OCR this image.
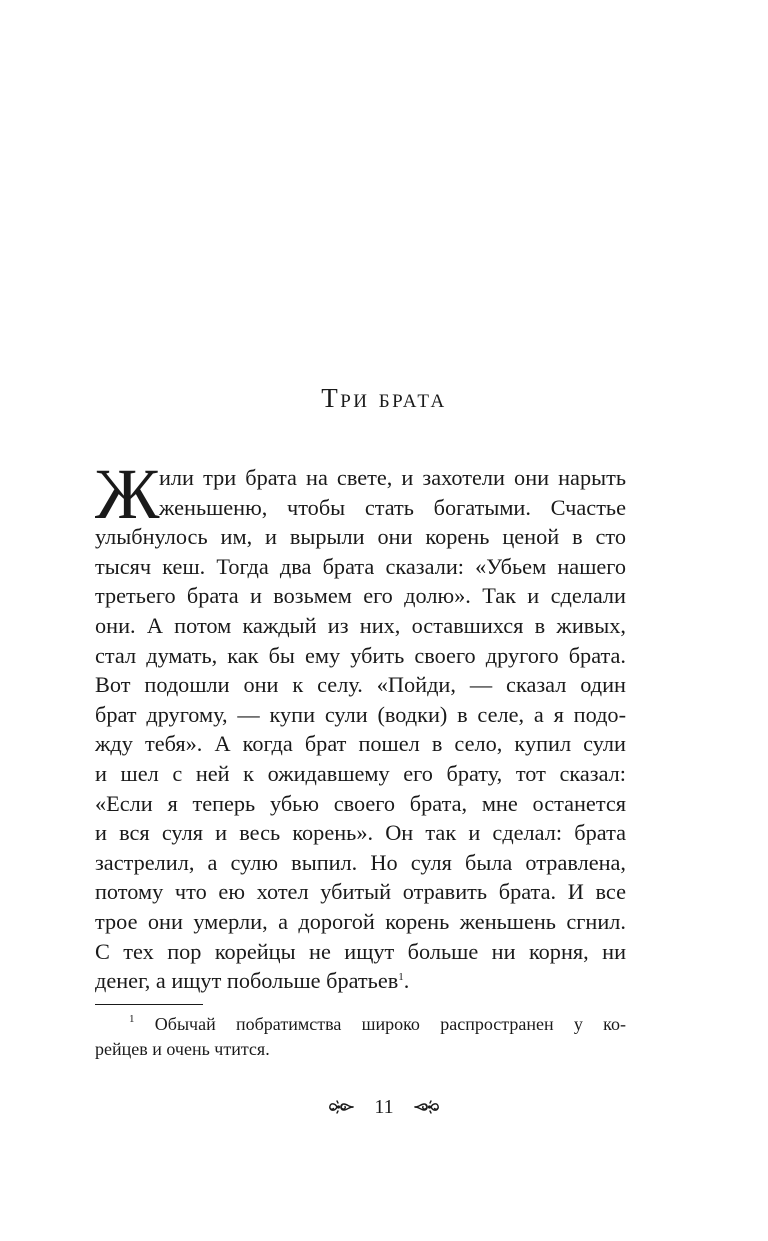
Три брата
Ж или три брата на свете, и захотели они нарыть
женьшеню, чтобы стать богатыми. Счастье
улыбнулось им, и вырыли они корень ценой в сто
тысяч кеш. Тогда два брата сказали: «Убьем нашего
третьего брата и возьмем его долю». Так и сделали
они. А потом каждый из них, оставшихся в живых,
стал думать, как бы ему убить своего другого брата.
Вот подошли они к селу. «Пойди, — сказал один
брат другому, — купи сули (водки) в селе, а я подо-
жду тебя». А когда брат пошел в село, купил сули
и шел с ней к ожидавшему его брату, тот сказал:
«Если я теперь убью своего брата, мне останется
и вся суля и весь корень». Он так и сделал: брата
застрелил, а сулю выпил. Но суля была отравлена,
потому что ею хотел убитый отравить брата. И все
трое они умерли, а дорогой корень женьшень сгнил.
С тех пор корейцы не ищут больше ни корня, ни
денег, а ищут побольше братьев$^1$.
$^1$ Обычай побратимства широко распространен у ко-
рейцев и очень чтится.
11
